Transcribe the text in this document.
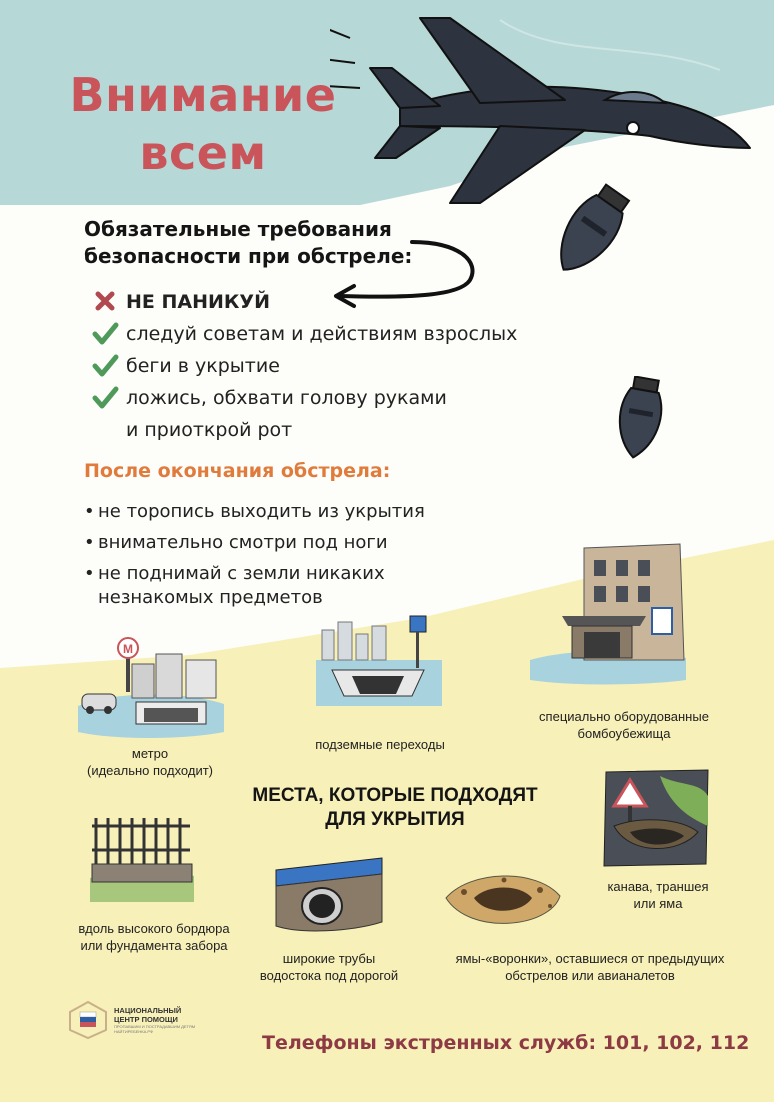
Внимание
всем
Обязательные требования
безопасности при обстреле:
НЕ ПАНИКУЙ
следуй советам и действиям взрослых
беги в укрытие
ложись, обхвати голову руками
и приоткрой рот
После окончания обстрела:
• не торопись выходить из укрытия
• внимательно смотри под ноги
• не поднимай с земли никаких
незнакомых предметов
М
метро
(идеально подходит)
подземные переходы
специально оборудованные
бомбоубежища
МЕСТА, КОТОРЫЕ ПОДХОДЯТ
ДЛЯ УКРЫТИЯ
канава, траншея
или яма
вдоль высокого бордюра
или фундамента забора
широкие трубы
водостока под дорогой
ямы-«воронки», оставшиеся от предыдущих
обстрелов или авианалетов
НАЦИОНАЛЬНЫЙ
ЦЕНТР ПОМОЩИ
ПРОПАВШИМ И ПОСТРАДАВШИМ ДЕТЯМ
НАЙТИРЕБЕНКА.РФ
Телефоны экстренных служб: 101, 102, 112
